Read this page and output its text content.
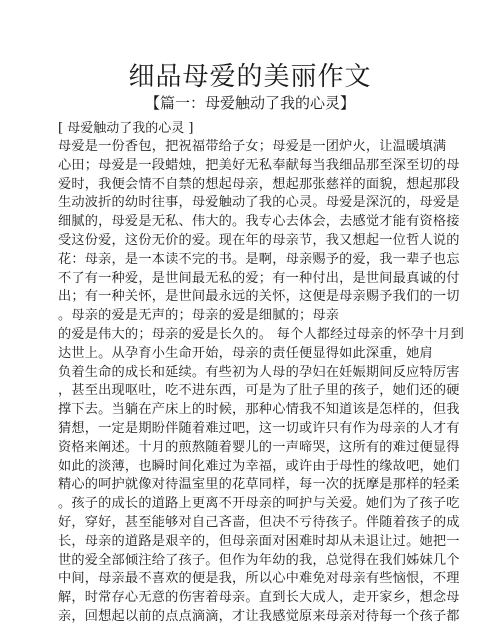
细品母爱的美丽作文
【篇一：母爱触动了我的心灵】
[ 母爱触动了我的心灵 ]
母爱是一份香包，把祝福带给子女；母爱是一团炉火，让温暖填满
心田；母爱是一段蜡烛，把美好无私奉献每当我细品那至深至切的母
爱时，我便会情不自禁的想起母亲，想起那张慈祥的面貌，想起那段
生动波折的幼时往事，母爱触动了我的心灵。母爱是深沉的，母爱是
细腻的，母爱是无私、伟大的。我专心去体会，去感觉才能有资格接
受这份爱，这份无价的爱。现在年的母亲节，我又想起一位哲人说的
花：母亲，是一本读不完的书。是啊，母亲赐予的爱，我一辈子也忘
不了有一种爱，是世间最无私的爱；有一种付出，是世间最真诚的付
出；有一种关怀，是世间最永远的关怀，这便是母亲赐予我们的一切
。母亲的爱是无声的；母亲的爱是细腻的；母亲
的爱是伟大的；母亲的爱是长久的。 每个人都经过母亲的怀孕十月到
达世上。从孕育小生命开始，母亲的责任便显得如此深重，她肩
负着生命的成长和延续。有些初为人母的孕妇在妊娠期间反应特厉害
，甚至出现呕吐，吃不进东西，可是为了肚子里的孩子，她们还的硬
撑下去。当躺在产床上的时候，那种心情我不知道该是怎样的，但我
猜想，一定是期盼伴随着难过吧，这一切或许只有作为母亲的人才有
资格来阐述。十月的煎熬随着婴儿的一声啼哭，这所有的难过便显得
如此的淡薄，也瞬时间化难过为幸福，或许由于母性的缘故吧，她们
精心的呵护就像对待温室里的花草同样，每一次的抚摩是那样的轻柔
。孩子的成长的道路上更离不开母亲的呵护与关爱。她们为了孩子吃
好，穿好，甚至能够对自己吝啬，但决不亏待孩子。伴随着孩子的成
长，母亲的道路是艰辛的，但母亲面对困难时却从未退让过。她把一
世的爱全部倾注给了孩子。但作为年幼的我，总觉得在我们姊妹几个
中间，母亲最不喜欢的便是我，所以心中难免对母亲有些恼恨，不理
解，时常存心无意的伤害着母亲。直到长大成人，走开家乡，想念母
亲，回想起以前的点点滴滴，才让我感觉原来母亲对待每一个孩子都
